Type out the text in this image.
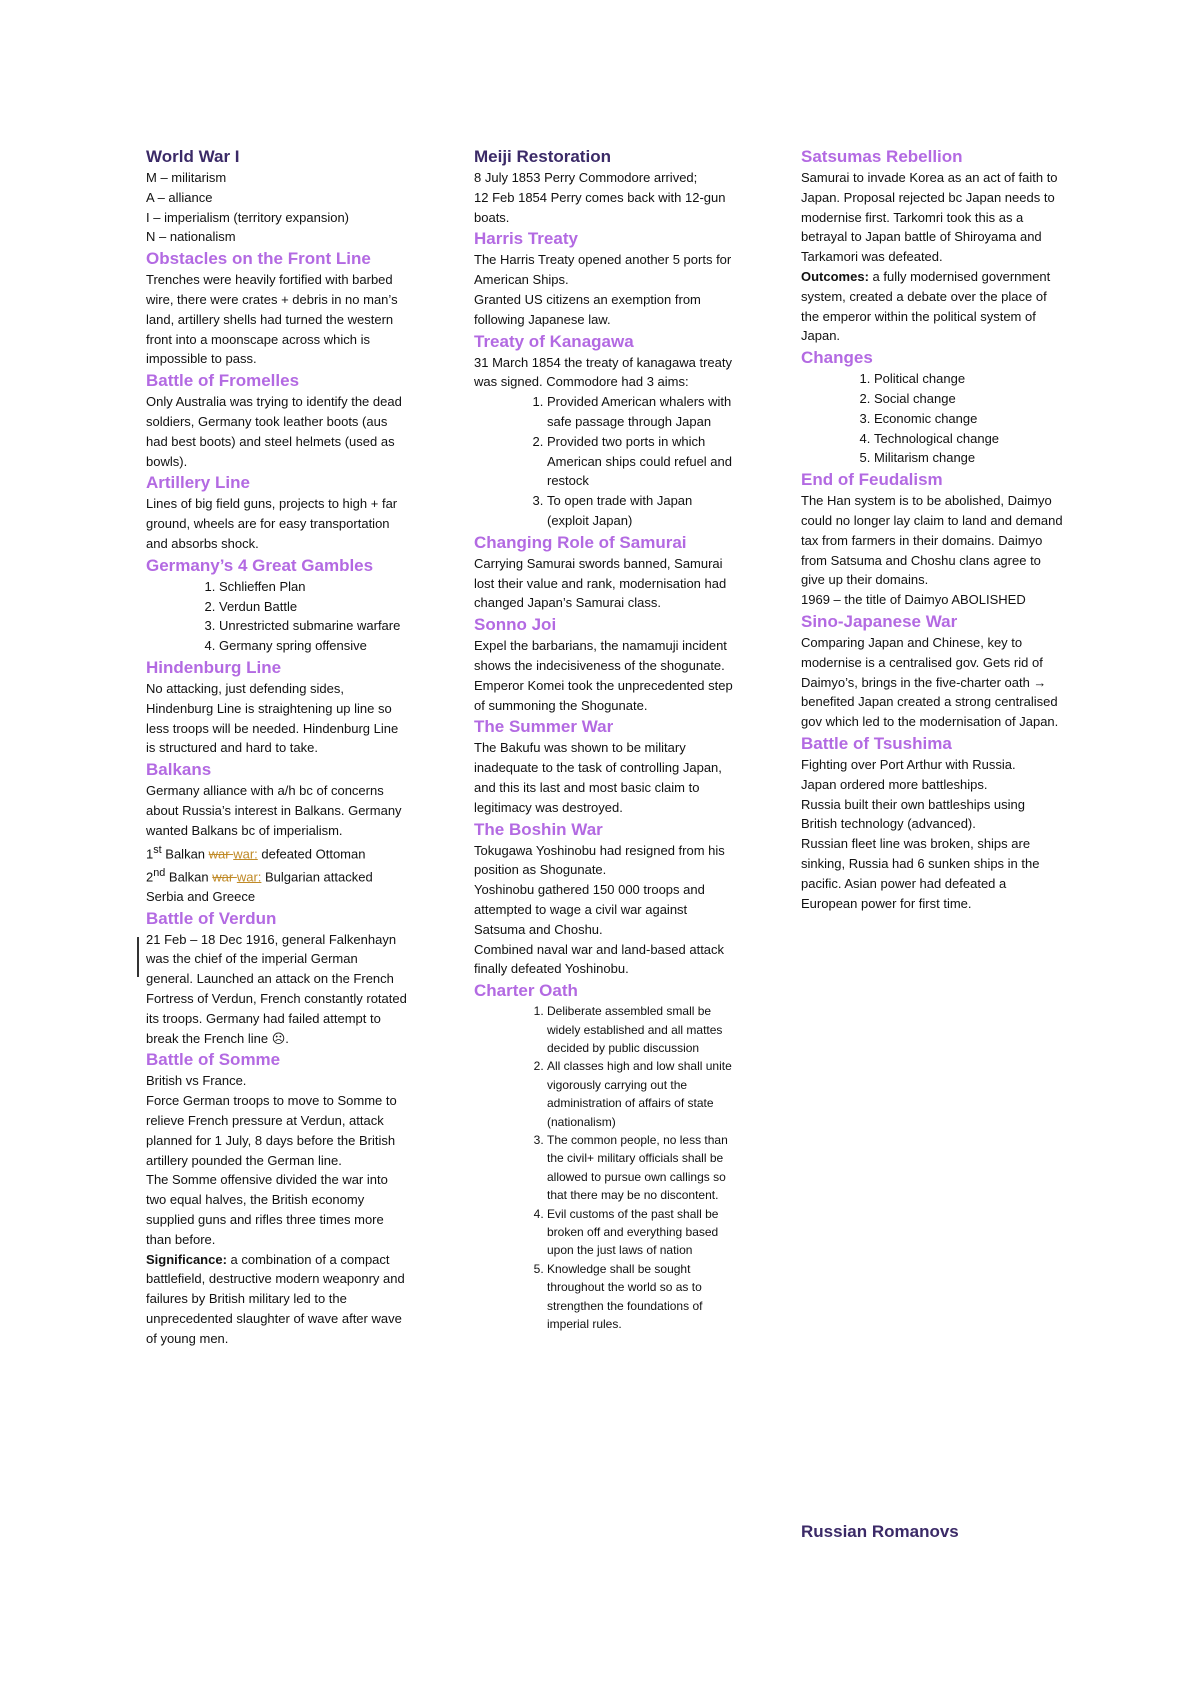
World War I

M – militarism

A – alliance

I – imperialism (territory expansion)

N – nationalism

Obstacles on the Front Line

Trenches were heavily fortified with barbed wire, there were crates + debris in no man’s land, artillery shells had turned the western front into a moonscape across which is impossible to pass.

Battle of Fromelles

Only Australia was trying to identify the dead soldiers, Germany took leather boots (aus had best boots) and steel helmets (used as bowls).

Artillery Line

Lines of big field guns, projects to high + far ground, wheels are for easy transportation and absorbs shock.

Germany’s 4 Great Gambles

1. Schlieffen Plan
2. Verdun Battle
3. Unrestricted submarine warfare
4. Germany spring offensive

Hindenburg Line

No attacking, just defending sides, Hindenburg Line is straightening up line so less troops will be needed. Hindenburg Line is structured and hard to take.

Balkans

Germany alliance with a/h bc of concerns about Russia’s interest in Balkans. Germany wanted Balkans bc of imperialism.

1st Balkan war war: defeated Ottoman

2nd Balkan war war: Bulgarian attacked Serbia and Greece

Battle of Verdun

21 Feb – 18 Dec 1916, general Falkenhayn was the chief of the imperial German general. Launched an attack on the French Fortress of Verdun, French constantly rotated its troops. Germany had failed attempt to break the French line ☹.

Battle of Somme

British vs France.

Force German troops to move to Somme to relieve French pressure at Verdun, attack planned for 1 July, 8 days before the British artillery pounded the German line.

The Somme offensive divided the war into two equal halves, the British economy supplied guns and rifles three times more than before.

Significance: a combination of a compact battlefield, destructive modern weaponry and failures by British military led to the unprecedented slaughter of wave after wave of young men.

Meiji Restoration

8 July 1853 Perry Commodore arrived;

12 Feb 1854 Perry comes back with 12-gun boats.

Harris Treaty

The Harris Treaty opened another 5 ports for American Ships.

Granted US citizens an exemption from following Japanese law.

Treaty of Kanagawa

31 March 1854 the treaty of kanagawa treaty was signed. Commodore had 3 aims:

1. Provided American whalers with safe passage through Japan
2. Provided two ports in which American ships could refuel and restock
3. To open trade with Japan (exploit Japan)

Changing Role of Samurai

Carrying Samurai swords banned, Samurai lost their value and rank, modernisation had changed Japan’s Samurai class.

Sonno Joi

Expel the barbarians, the namamuji incident shows the indecisiveness of the shogunate. Emperor Komei took the unprecedented step of summoning the Shogunate.

The Summer War

The Bakufu was shown to be military inadequate to the task of controlling Japan, and this its last and most basic claim to legitimacy was destroyed.

The Boshin War

Tokugawa Yoshinobu had resigned from his position as Shogunate.

Yoshinobu gathered 150 000 troops and attempted to wage a civil war against Satsuma and Choshu.

Combined naval war and land-based attack finally defeated Yoshinobu.

Charter Oath

1. Deliberate assembled small be widely established and all mattes decided by public discussion
2. All classes high and low shall unite vigorously carrying out the administration of affairs of state (nationalism)
3. The common people, no less than the civil+ military officials shall be allowed to pursue own callings so that there may be no discontent.
4. Evil customs of the past shall be broken off and everything based upon the just laws of nation
5. Knowledge shall be sought throughout the world so as to strengthen the foundations of imperial rules.

Satsumas Rebellion

Samurai to invade Korea as an act of faith to Japan. Proposal rejected bc Japan needs to modernise first. Tarkomri took this as a betrayal to Japan battle of Shiroyama and Tarkamori was defeated.

Outcomes: a fully modernised government system, created a debate over the place of the emperor within the political system of Japan.

Changes

1. Political change
2. Social change
3. Economic change
4. Technological change
5. Militarism change

End of Feudalism

The Han system is to be abolished, Daimyo could no longer lay claim to land and demand tax from farmers in their domains. Daimyo from Satsuma and Choshu clans agree to give up their domains.

1969 – the title of Daimyo ABOLISHED

Sino-Japanese War

Comparing Japan and Chinese, key to modernise is a centralised gov. Gets rid of Daimyo’s, brings in the five-charter oath → benefited Japan created a strong centralised gov which led to the modernisation of Japan.

Battle of Tsushima

Fighting over Port Arthur with Russia.

Japan ordered more battleships.

Russia built their own battleships using British technology (advanced).

Russian fleet line was broken, ships are sinking, Russia had 6 sunken ships in the pacific. Asian power had defeated a European power for first time.

Russian Romanovs
